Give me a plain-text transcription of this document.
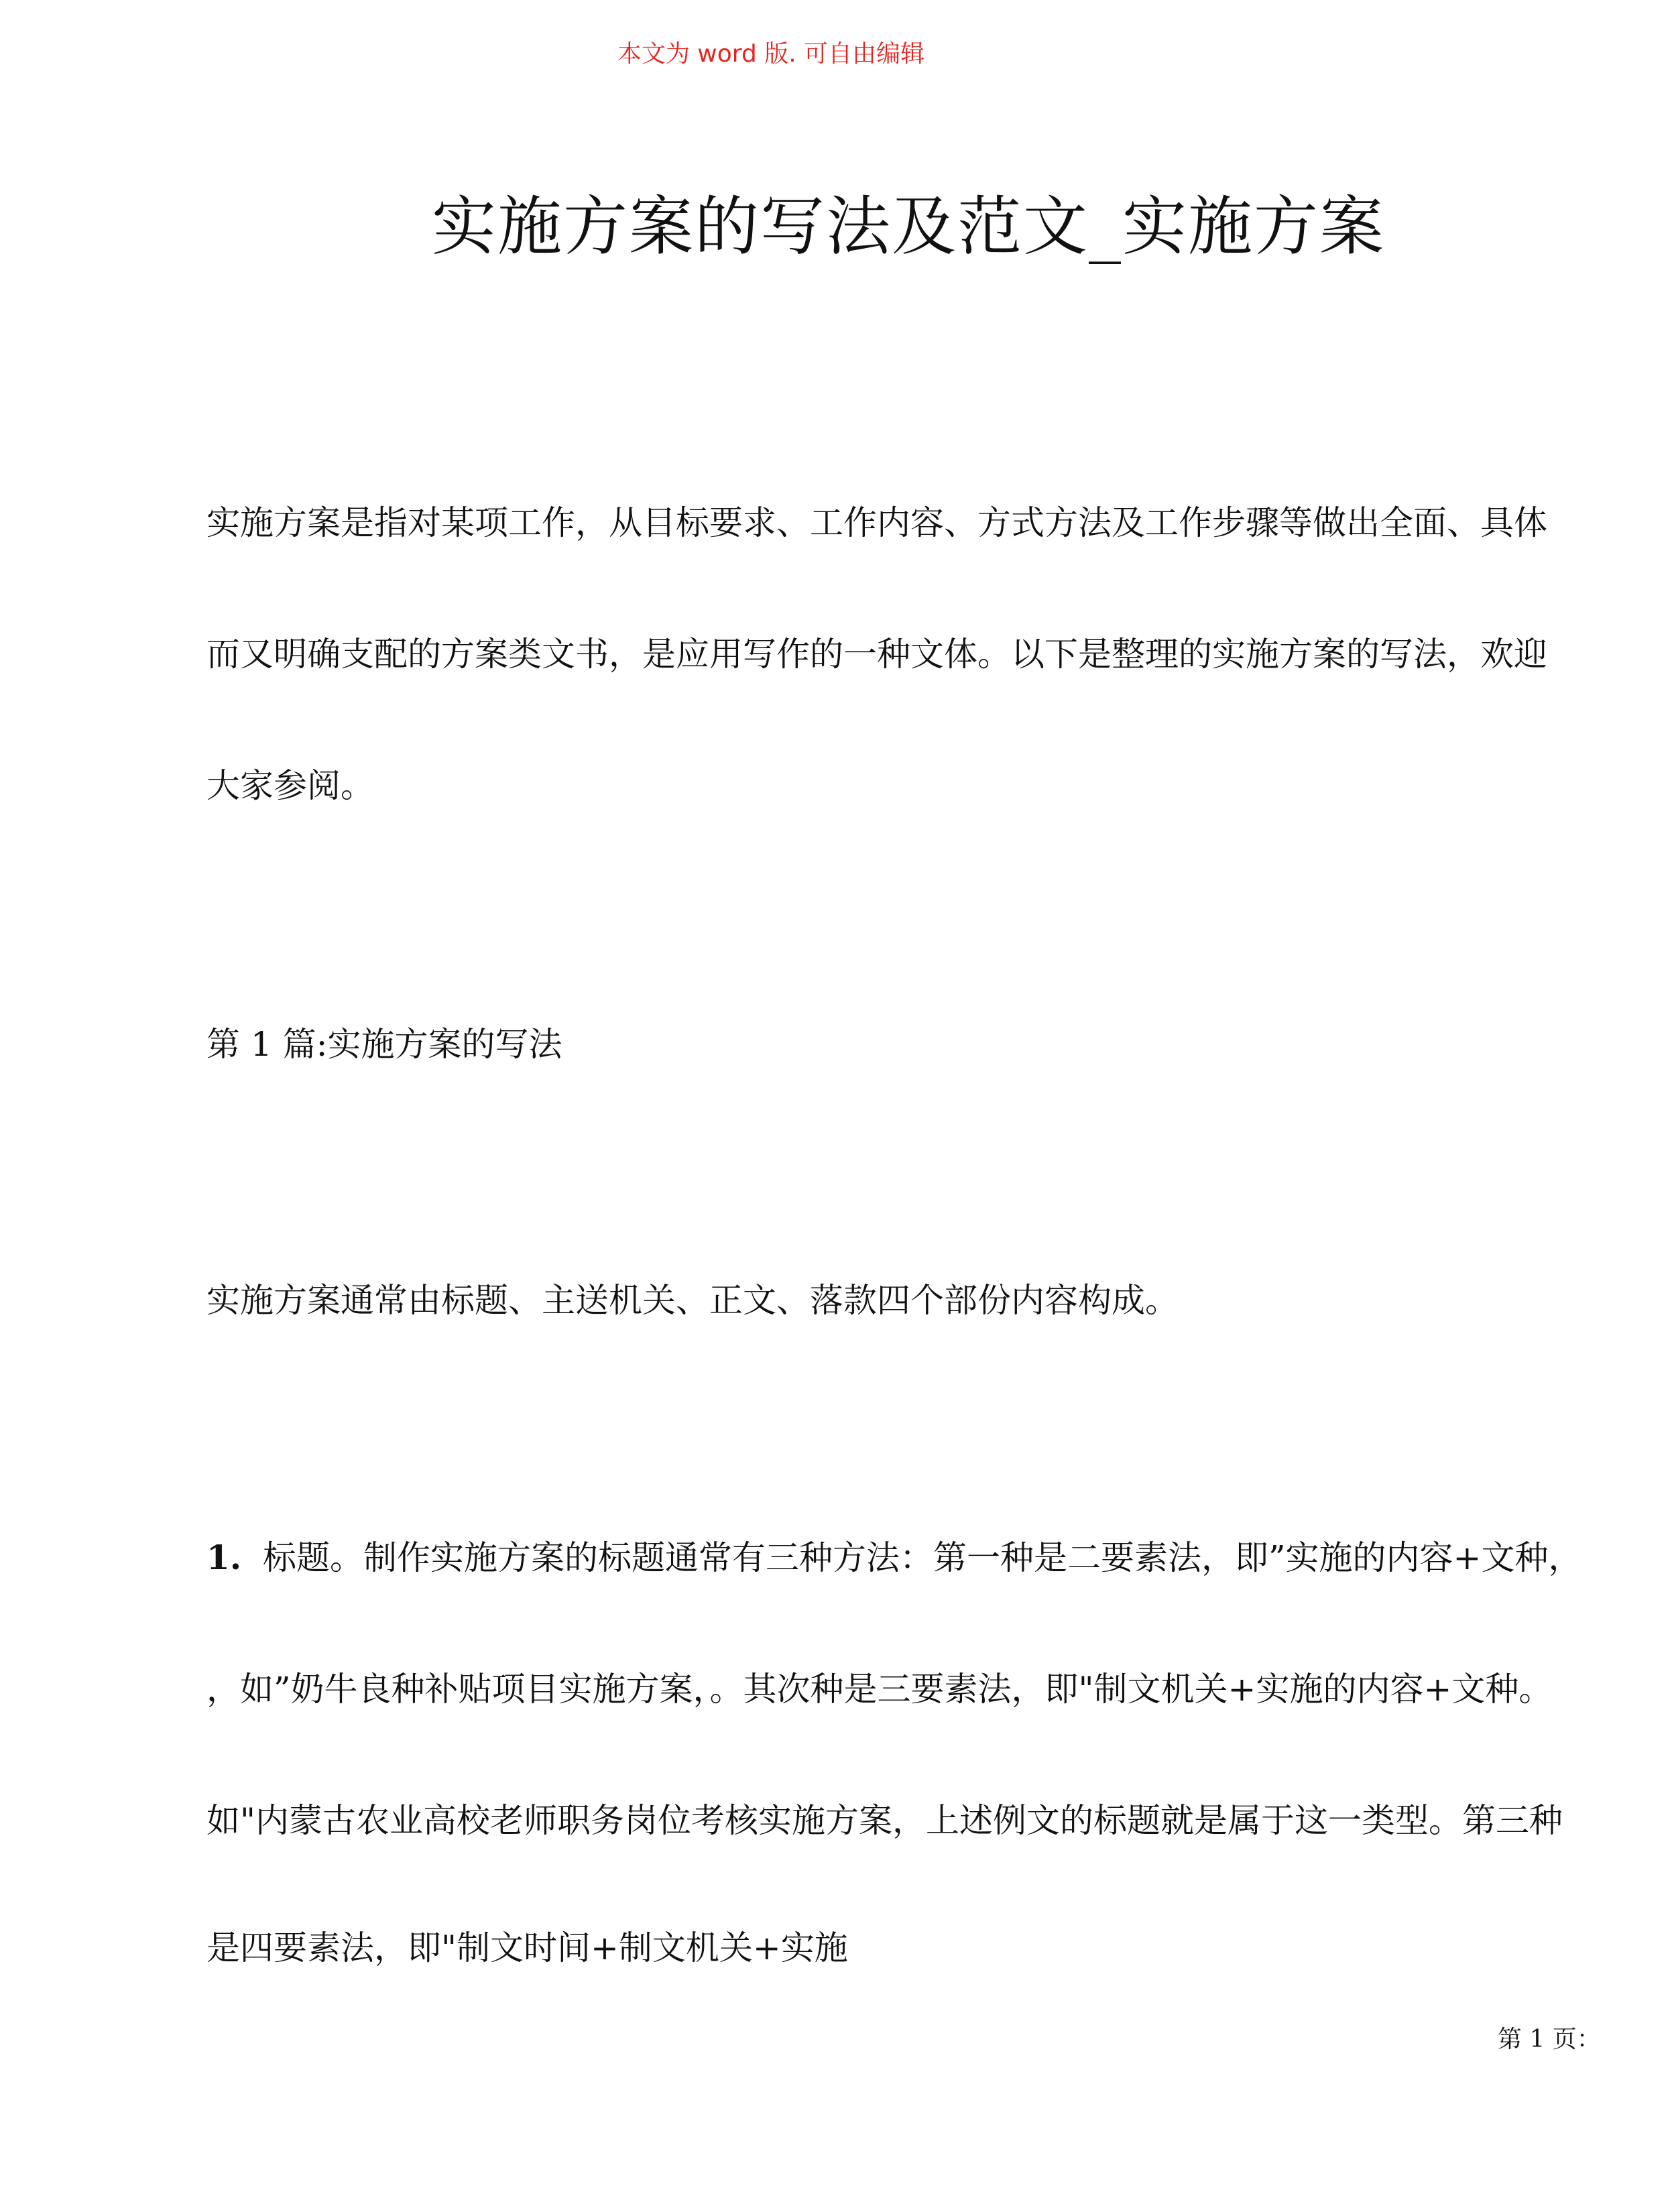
本文为 word 版. 可自由编辑
实施方案的写法及范文_实施方案

实施方案是指对某项工作，从目标要求、工作内容、方式方法及工作步骤等做出全面、具体

而又明确支配的方案类文书，是应用写作的一种文体。以下是整理的实施方案的写法，欢迎

大家参阅。

第 1 篇:实施方案的写法

实施方案通常由标题、主送机关、正文、落款四个部份内容构成。

1. 标题。制作实施方案的标题通常有三种方法：第一种是二要素法，即”实施的内容+文种，

，如”奶牛良种补贴项目实施方案，。其次种是三要素法，即"制文机关+实施的内容+文种。

如"内蒙古农业高校老师职务岗位考核实施方案，上述例文的标题就是属于这一类型。第三种

是四要素法，即"制文时间+制文机关+实施

第 1 页：
